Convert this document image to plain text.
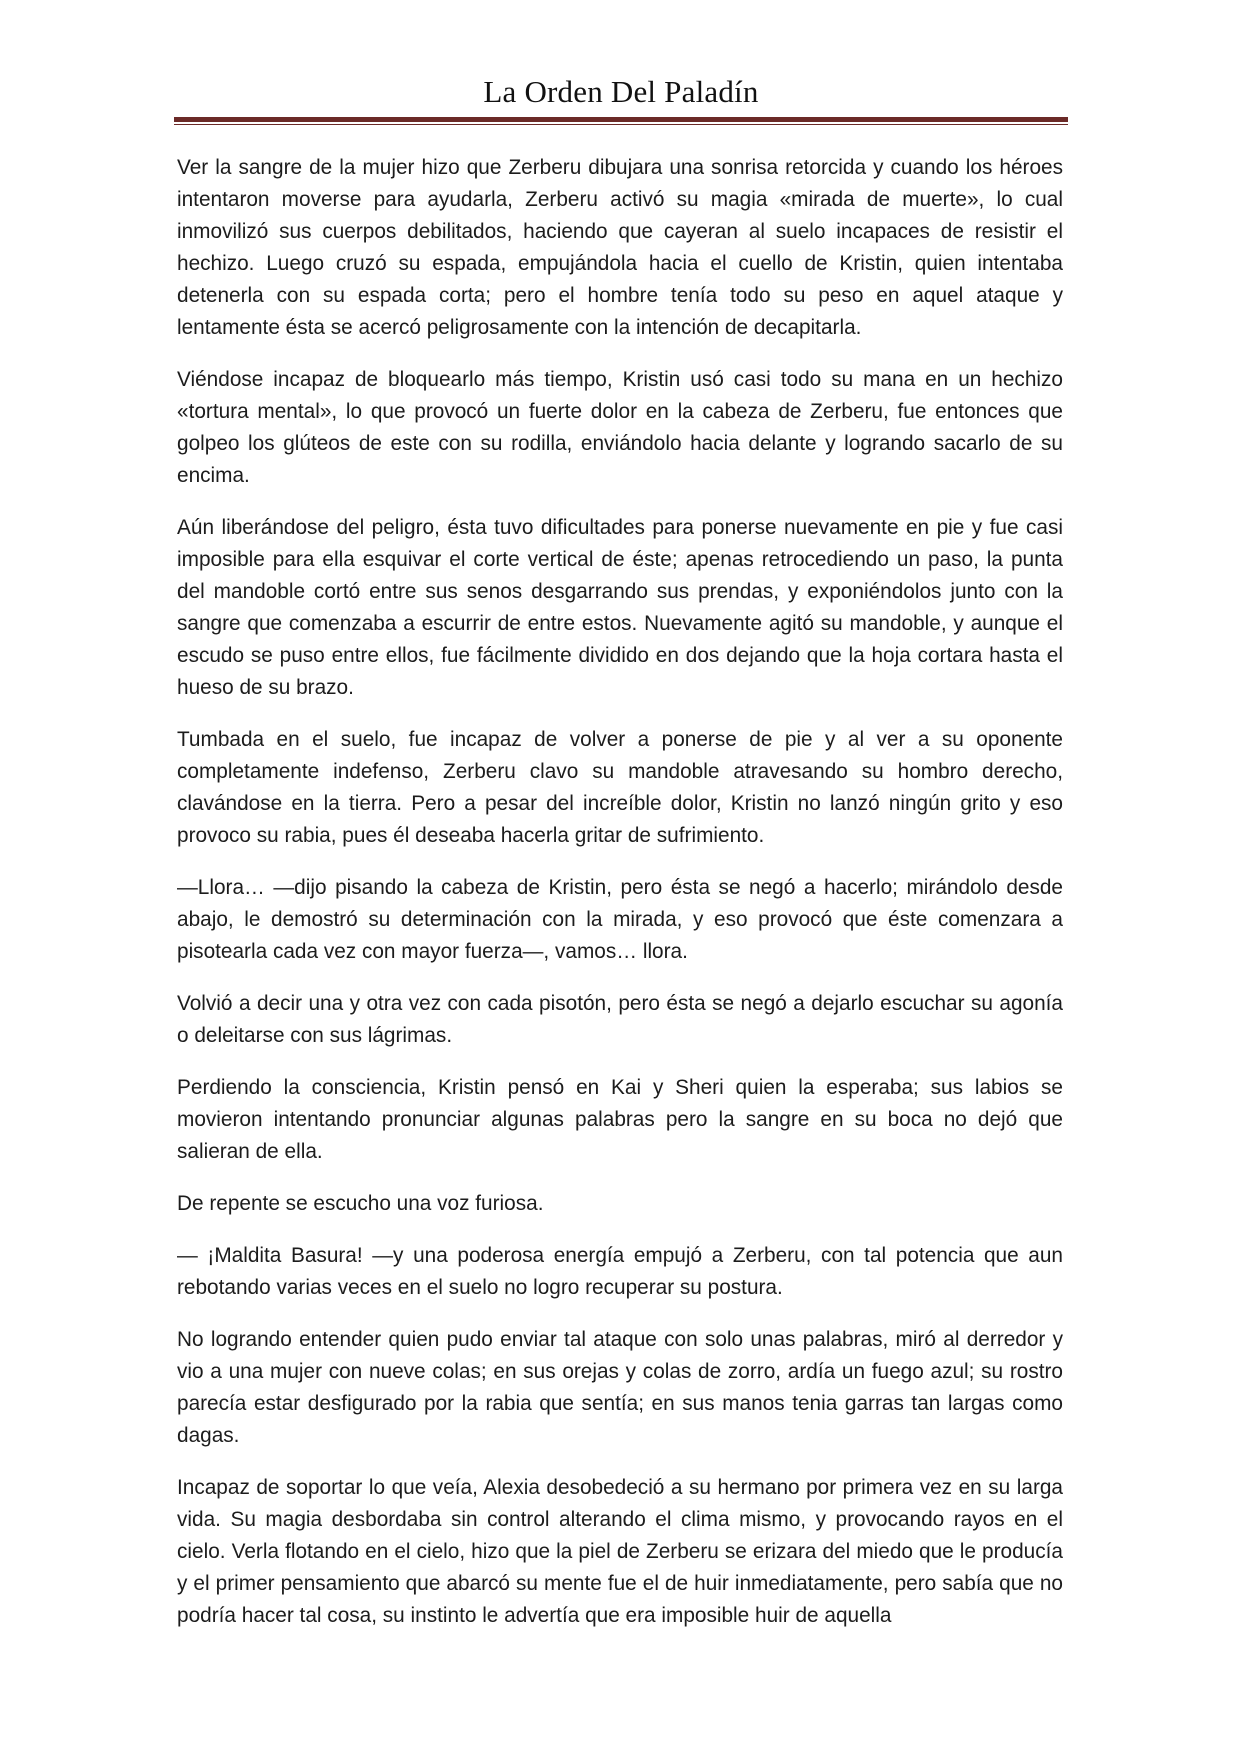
La Orden Del Paladín

Ver la sangre de la mujer hizo que Zerberu dibujara una sonrisa retorcida y cuando los héroes intentaron moverse para ayudarla, Zerberu activó su magia «mirada de muerte», lo cual inmovilizó sus cuerpos debilitados, haciendo que cayeran al suelo incapaces de resistir el hechizo. Luego cruzó su espada, empujándola hacia el cuello de Kristin, quien intentaba detenerla con su espada corta; pero el hombre tenía todo su peso en aquel ataque y lentamente ésta se acercó peligrosamente con la intención de decapitarla.

Viéndose incapaz de bloquearlo más tiempo, Kristin usó casi todo su mana en un hechizo «tortura mental», lo que provocó un fuerte dolor en la cabeza de Zerberu, fue entonces que golpeo los glúteos de este con su rodilla, enviándolo hacia delante y logrando sacarlo de su encima.

Aún liberándose del peligro, ésta tuvo dificultades para ponerse nuevamente en pie y fue casi imposible para ella esquivar el corte vertical de éste; apenas retrocediendo un paso, la punta del mandoble cortó entre sus senos desgarrando sus prendas, y exponiéndolos junto con la sangre que comenzaba a escurrir de entre estos. Nuevamente agitó su mandoble, y aunque el escudo se puso entre ellos, fue fácilmente dividido en dos dejando que la hoja cortara hasta el hueso de su brazo.

Tumbada en el suelo, fue incapaz de volver a ponerse de pie y al ver a su oponente completamente indefenso, Zerberu clavo su mandoble atravesando su hombro derecho, clavándose en la tierra. Pero a pesar del increíble dolor, Kristin no lanzó ningún grito y eso provoco su rabia, pues él deseaba hacerla gritar de sufrimiento.

—Llora… —dijo pisando la cabeza de Kristin, pero ésta se negó a hacerlo; mirándolo desde abajo, le demostró su determinación con la mirada, y eso provocó que éste comenzara a pisotearla cada vez con mayor fuerza—, vamos… llora.

Volvió a decir una y otra vez con cada pisotón, pero ésta se negó a dejarlo escuchar su agonía o deleitarse con sus lágrimas.

Perdiendo la consciencia, Kristin pensó en Kai y Sheri quien la esperaba; sus labios se movieron intentando pronunciar algunas palabras pero la sangre en su boca no dejó que salieran de ella.

De repente se escucho una voz furiosa.

— ¡Maldita Basura! —y una poderosa energía empujó a Zerberu, con tal potencia que aun rebotando varias veces en el suelo no logro recuperar su postura.

No logrando entender quien pudo enviar tal ataque con solo unas palabras, miró al derredor y vio a una mujer con nueve colas; en sus orejas y colas de zorro, ardía un fuego azul; su rostro parecía estar desfigurado por la rabia que sentía; en sus manos tenia garras tan largas como dagas.

Incapaz de soportar lo que veía, Alexia desobedeció a su hermano por primera vez en su larga vida. Su magia desbordaba sin control alterando el clima mismo, y provocando rayos en el cielo. Verla flotando en el cielo, hizo que la piel de Zerberu se erizara del miedo que le producía y el primer pensamiento que abarcó su mente fue el de huir inmediatamente, pero sabía que no podría hacer tal cosa, su instinto le advertía que era imposible huir de aquella
